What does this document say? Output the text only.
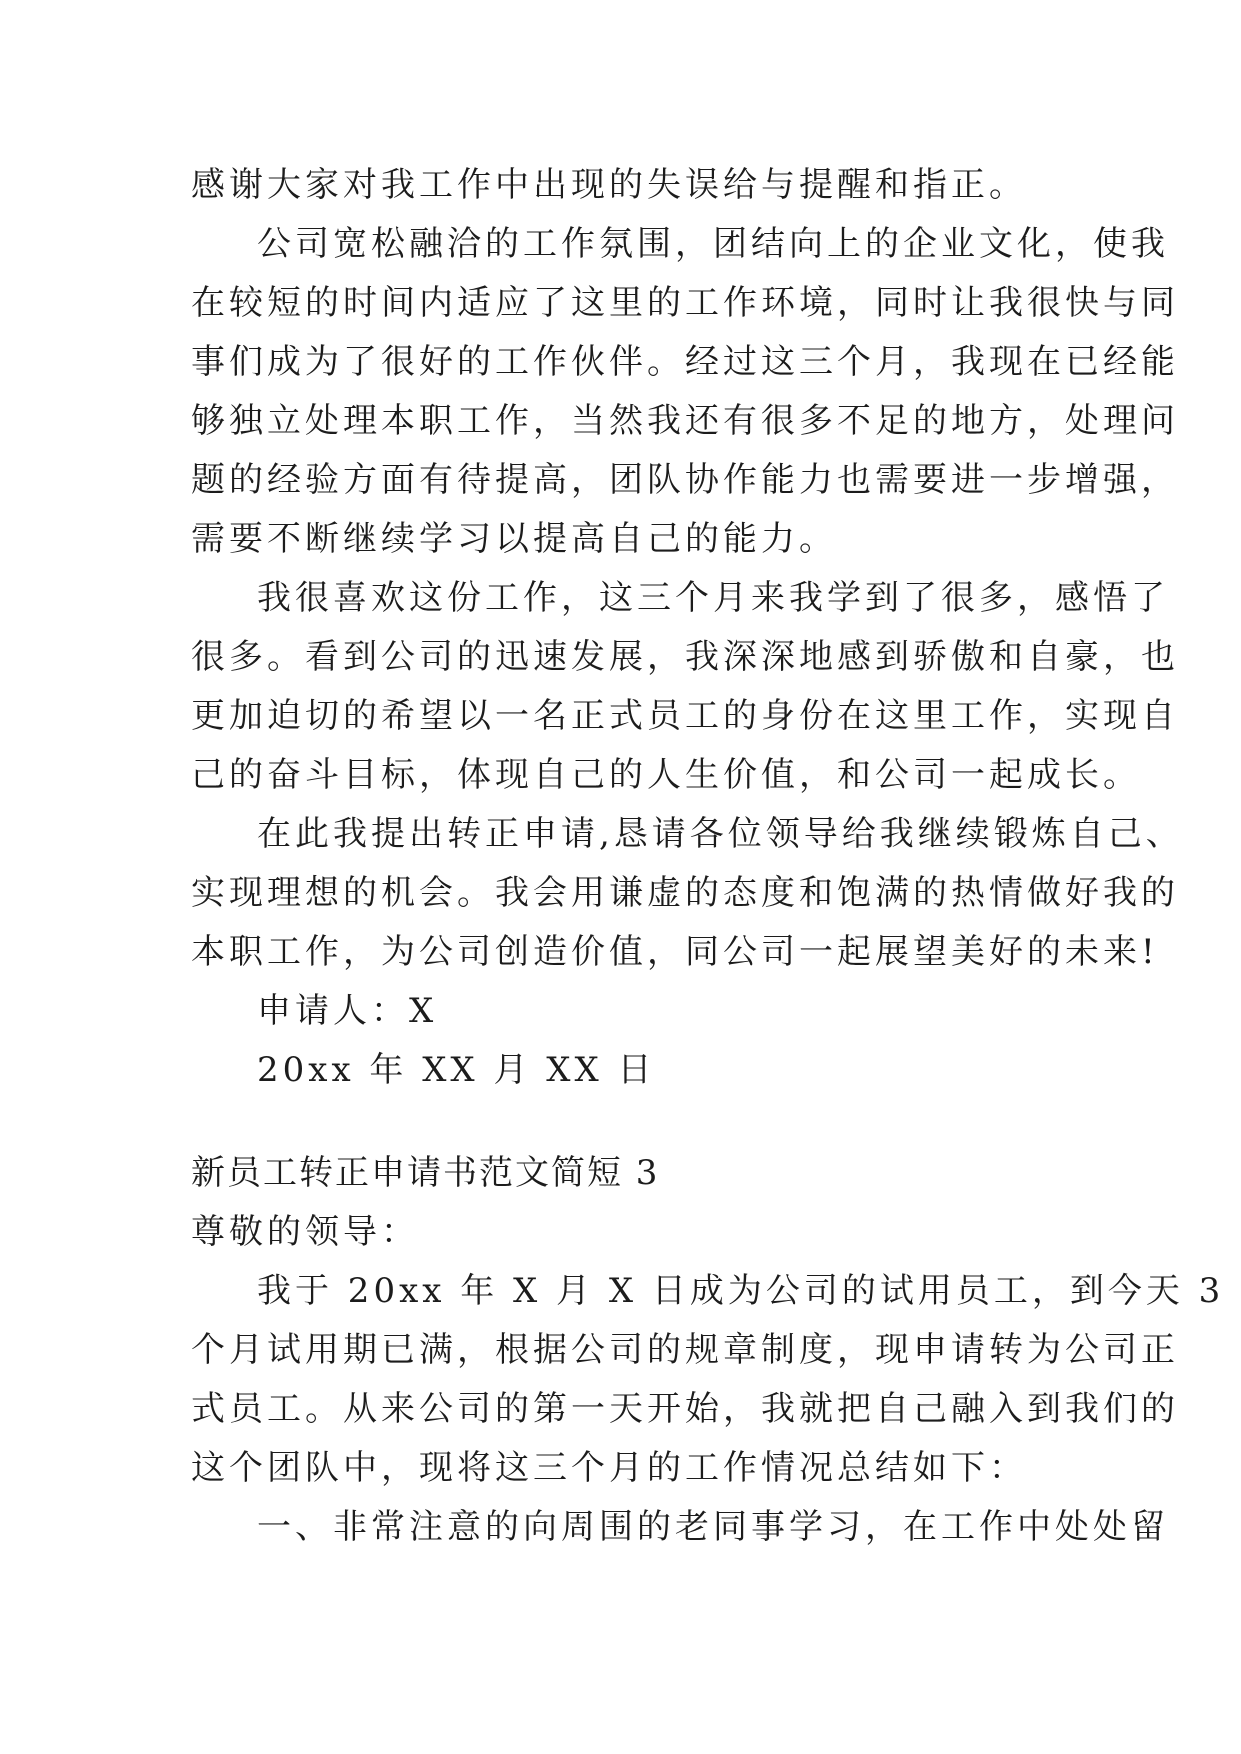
感谢大家对我工作中出现的失误给与提醒和指正。
公司宽松融洽的工作氛围，团结向上的企业文化，使我
在较短的时间内适应了这里的工作环境，同时让我很快与同
事们成为了很好的工作伙伴。经过这三个月，我现在已经能
够独立处理本职工作，当然我还有很多不足的地方，处理问
题的经验方面有待提高，团队协作能力也需要进一步增强，
需要不断继续学习以提高自己的能力。
我很喜欢这份工作，这三个月来我学到了很多，感悟了
很多。看到公司的迅速发展，我深深地感到骄傲和自豪，也
更加迫切的希望以一名正式员工的身份在这里工作，实现自
己的奋斗目标，体现自己的人生价值，和公司一起成长。
在此我提出转正申请,恳请各位领导给我继续锻炼自己、
实现理想的机会。我会用谦虚的态度和饱满的热情做好我的
本职工作，为公司创造价值，同公司一起展望美好的未来!
申请人：X
20xx 年 XX 月 XX 日
新员工转正申请书范文简短 3
尊敬的领导：
我于 20xx 年 X 月 X 日成为公司的试用员工，到今天 3
个月试用期已满，根据公司的规章制度，现申请转为公司正
式员工。从来公司的第一天开始，我就把自己融入到我们的
这个团队中，现将这三个月的工作情况总结如下：
一、非常注意的向周围的老同事学习，在工作中处处留
